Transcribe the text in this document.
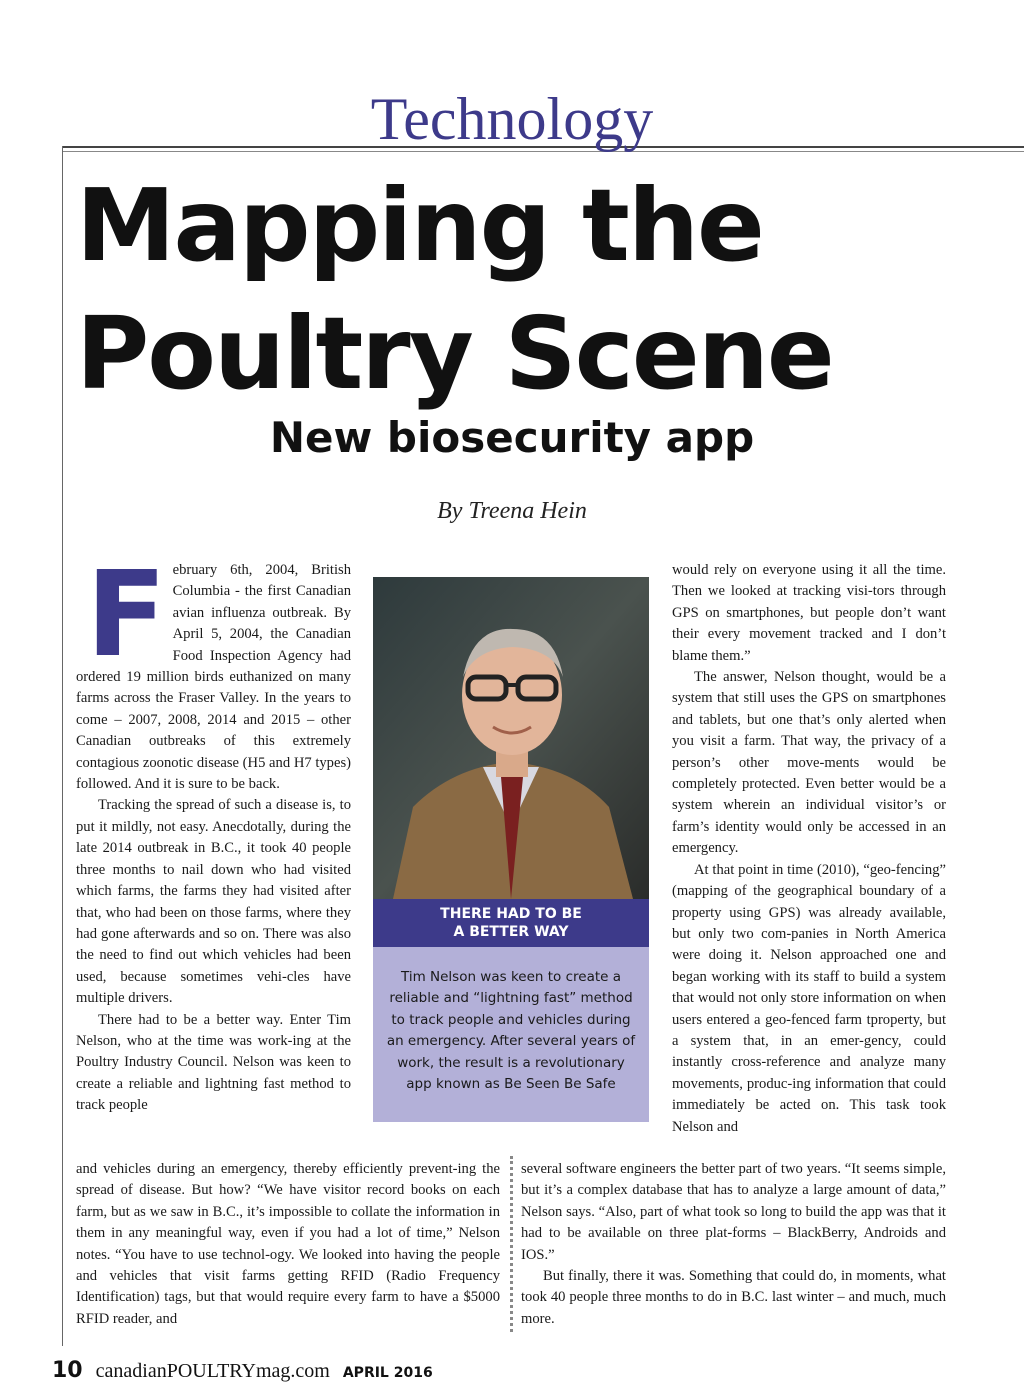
Technology
Mapping the
Poultry Scene
New biosecurity app
By Treena Hein
F ebruary 6th, 2004, British Columbia - the first Canadian avian influenza outbreak. By April 5, 2004, the Canadian Food Inspection Agency had ordered 19 million birds euthanized on many farms across the Fraser Valley. In the years to come – 2007, 2008, 2014 and 2015 – other Canadian outbreaks of this extremely contagious zoonotic disease (H5 and H7 types) followed. And it is sure to be back.

Tracking the spread of such a disease is, to put it mildly, not easy. Anecdotally, during the late 2014 outbreak in B.C., it took 40 people three months to nail down who had visited which farms, the farms they had visited after that, who had been on those farms, where they had gone afterwards and so on. There was also the need to find out which vehicles had been used, because sometimes vehi-cles have multiple drivers.

There had to be a better way. Enter Tim Nelson, who at the time was work-ing at the Poultry Industry Council. Nelson was keen to create a reliable and lightning fast method to track people

THERE HAD TO BE
A BETTER WAY
Tim Nelson was keen to create a reliable and “lightning fast” method to track people and vehicles during an emergency. After several years of work, the result is a revolutionary app known as Be Seen Be Safe

would rely on everyone using it all the time. Then we looked at tracking visi-tors through GPS on smartphones, but people don’t want their every movement tracked and I don’t blame them.”

The answer, Nelson thought, would be a system that still uses the GPS on smartphones and tablets, but one that’s only alerted when you visit a farm. That way, the privacy of a person’s other move-ments would be completely protected. Even better would be a system wherein an individual visitor’s or farm’s identity would only be accessed in an emergency.

At that point in time (2010), “geo-fencing” (mapping of the geographical boundary of a property using GPS) was already available, but only two com-panies in North America were doing it. Nelson approached one and began working with its staff to build a system that would not only store information on when users entered a geo-fenced farm tproperty, but a system that, in an emer-gency, could instantly cross-reference and analyze many movements, produc-ing information that could immediately be acted on. This task took Nelson and

and vehicles during an emergency, thereby efficiently prevent-ing the spread of disease. But how? “We have visitor record books on each farm, but as we saw in B.C., it’s impossible to collate the information in them in any meaningful way, even if you had a lot of time,” Nelson notes. “You have to use technol-ogy. We looked into having the people and vehicles that visit farms getting RFID (Radio Frequency Identification) tags, but that would require every farm to have a $5000 RFID reader, and

several software engineers the better part of two years. “It seems simple, but it’s a complex database that has to analyze a large amount of data,” Nelson says. “Also, part of what took so long to build the app was that it had to be available on three plat-forms – BlackBerry, Androids and IOS.”

But finally, there it was. Something that could do, in moments, what took 40 people three months to do in B.C. last winter – and much, much more.

10 canadianPOULTRYmag.com APRIL 2016
